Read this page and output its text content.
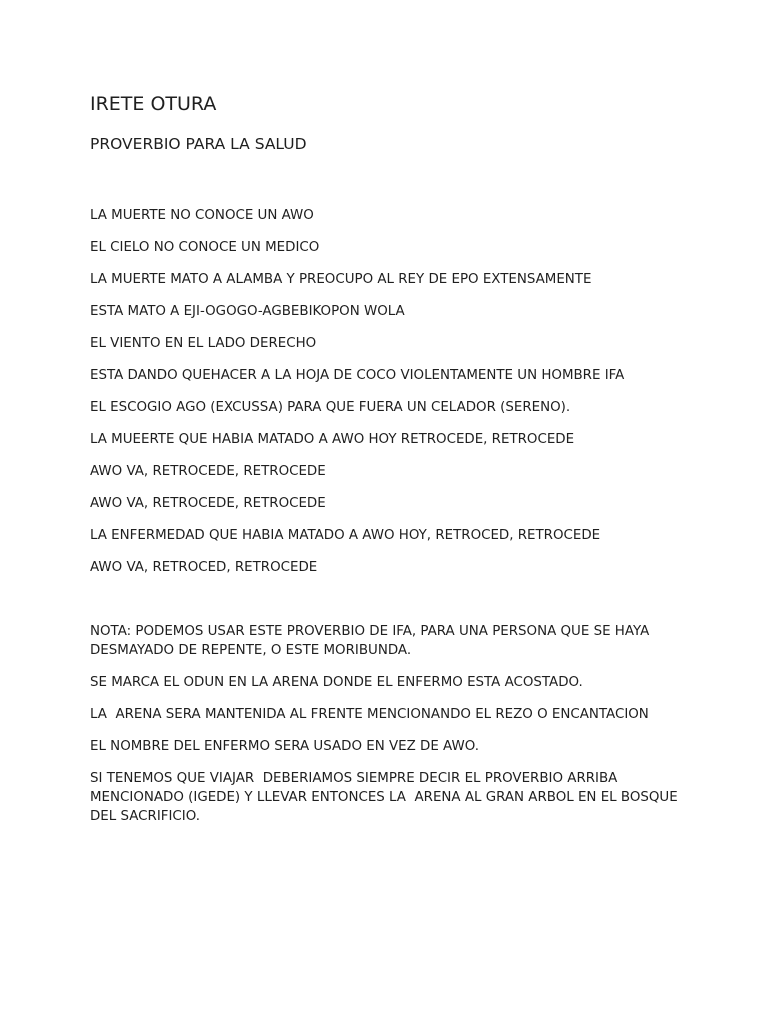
IRETE OTURA
PROVERBIO PARA LA SALUD
LA MUERTE NO CONOCE UN AWO
EL CIELO NO CONOCE UN MEDICO
LA MUERTE MATO A ALAMBA Y PREOCUPO AL REY DE EPO EXTENSAMENTE
ESTA MATO A EJI-OGOGO-AGBEBIKOPON WOLA
EL VIENTO EN EL LADO DERECHO
ESTA DANDO QUEHACER A LA HOJA DE COCO VIOLENTAMENTE UN HOMBRE IFA
EL ESCOGIO AGO (EXCUSSA) PARA QUE FUERA UN CELADOR (SERENO).
LA MUEERTE QUE HABIA MATADO A AWO HOY RETROCEDE, RETROCEDE
AWO VA, RETROCEDE, RETROCEDE
AWO VA, RETROCEDE, RETROCEDE
LA ENFERMEDAD QUE HABIA MATADO A AWO HOY, RETROCED, RETROCEDE
AWO VA, RETROCED, RETROCEDE
NOTA: PODEMOS USAR ESTE PROVERBIO DE IFA, PARA UNA PERSONA QUE SE HAYA DESMAYADO DE REPENTE, O ESTE MORIBUNDA.
SE MARCA EL ODUN EN LA ARENA DONDE EL ENFERMO ESTA ACOSTADO.
LA  ARENA SERA MANTENIDA AL FRENTE MENCIONANDO EL REZO O ENCANTACION
EL NOMBRE DEL ENFERMO SERA USADO EN VEZ DE AWO.
SI TENEMOS QUE VIAJAR  DEBERIAMOS SIEMPRE DECIR EL PROVERBIO ARRIBA MENCIONADO (IGEDE) Y LLEVAR ENTONCES LA  ARENA AL GRAN ARBOL EN EL BOSQUE DEL SACRIFICIO.
